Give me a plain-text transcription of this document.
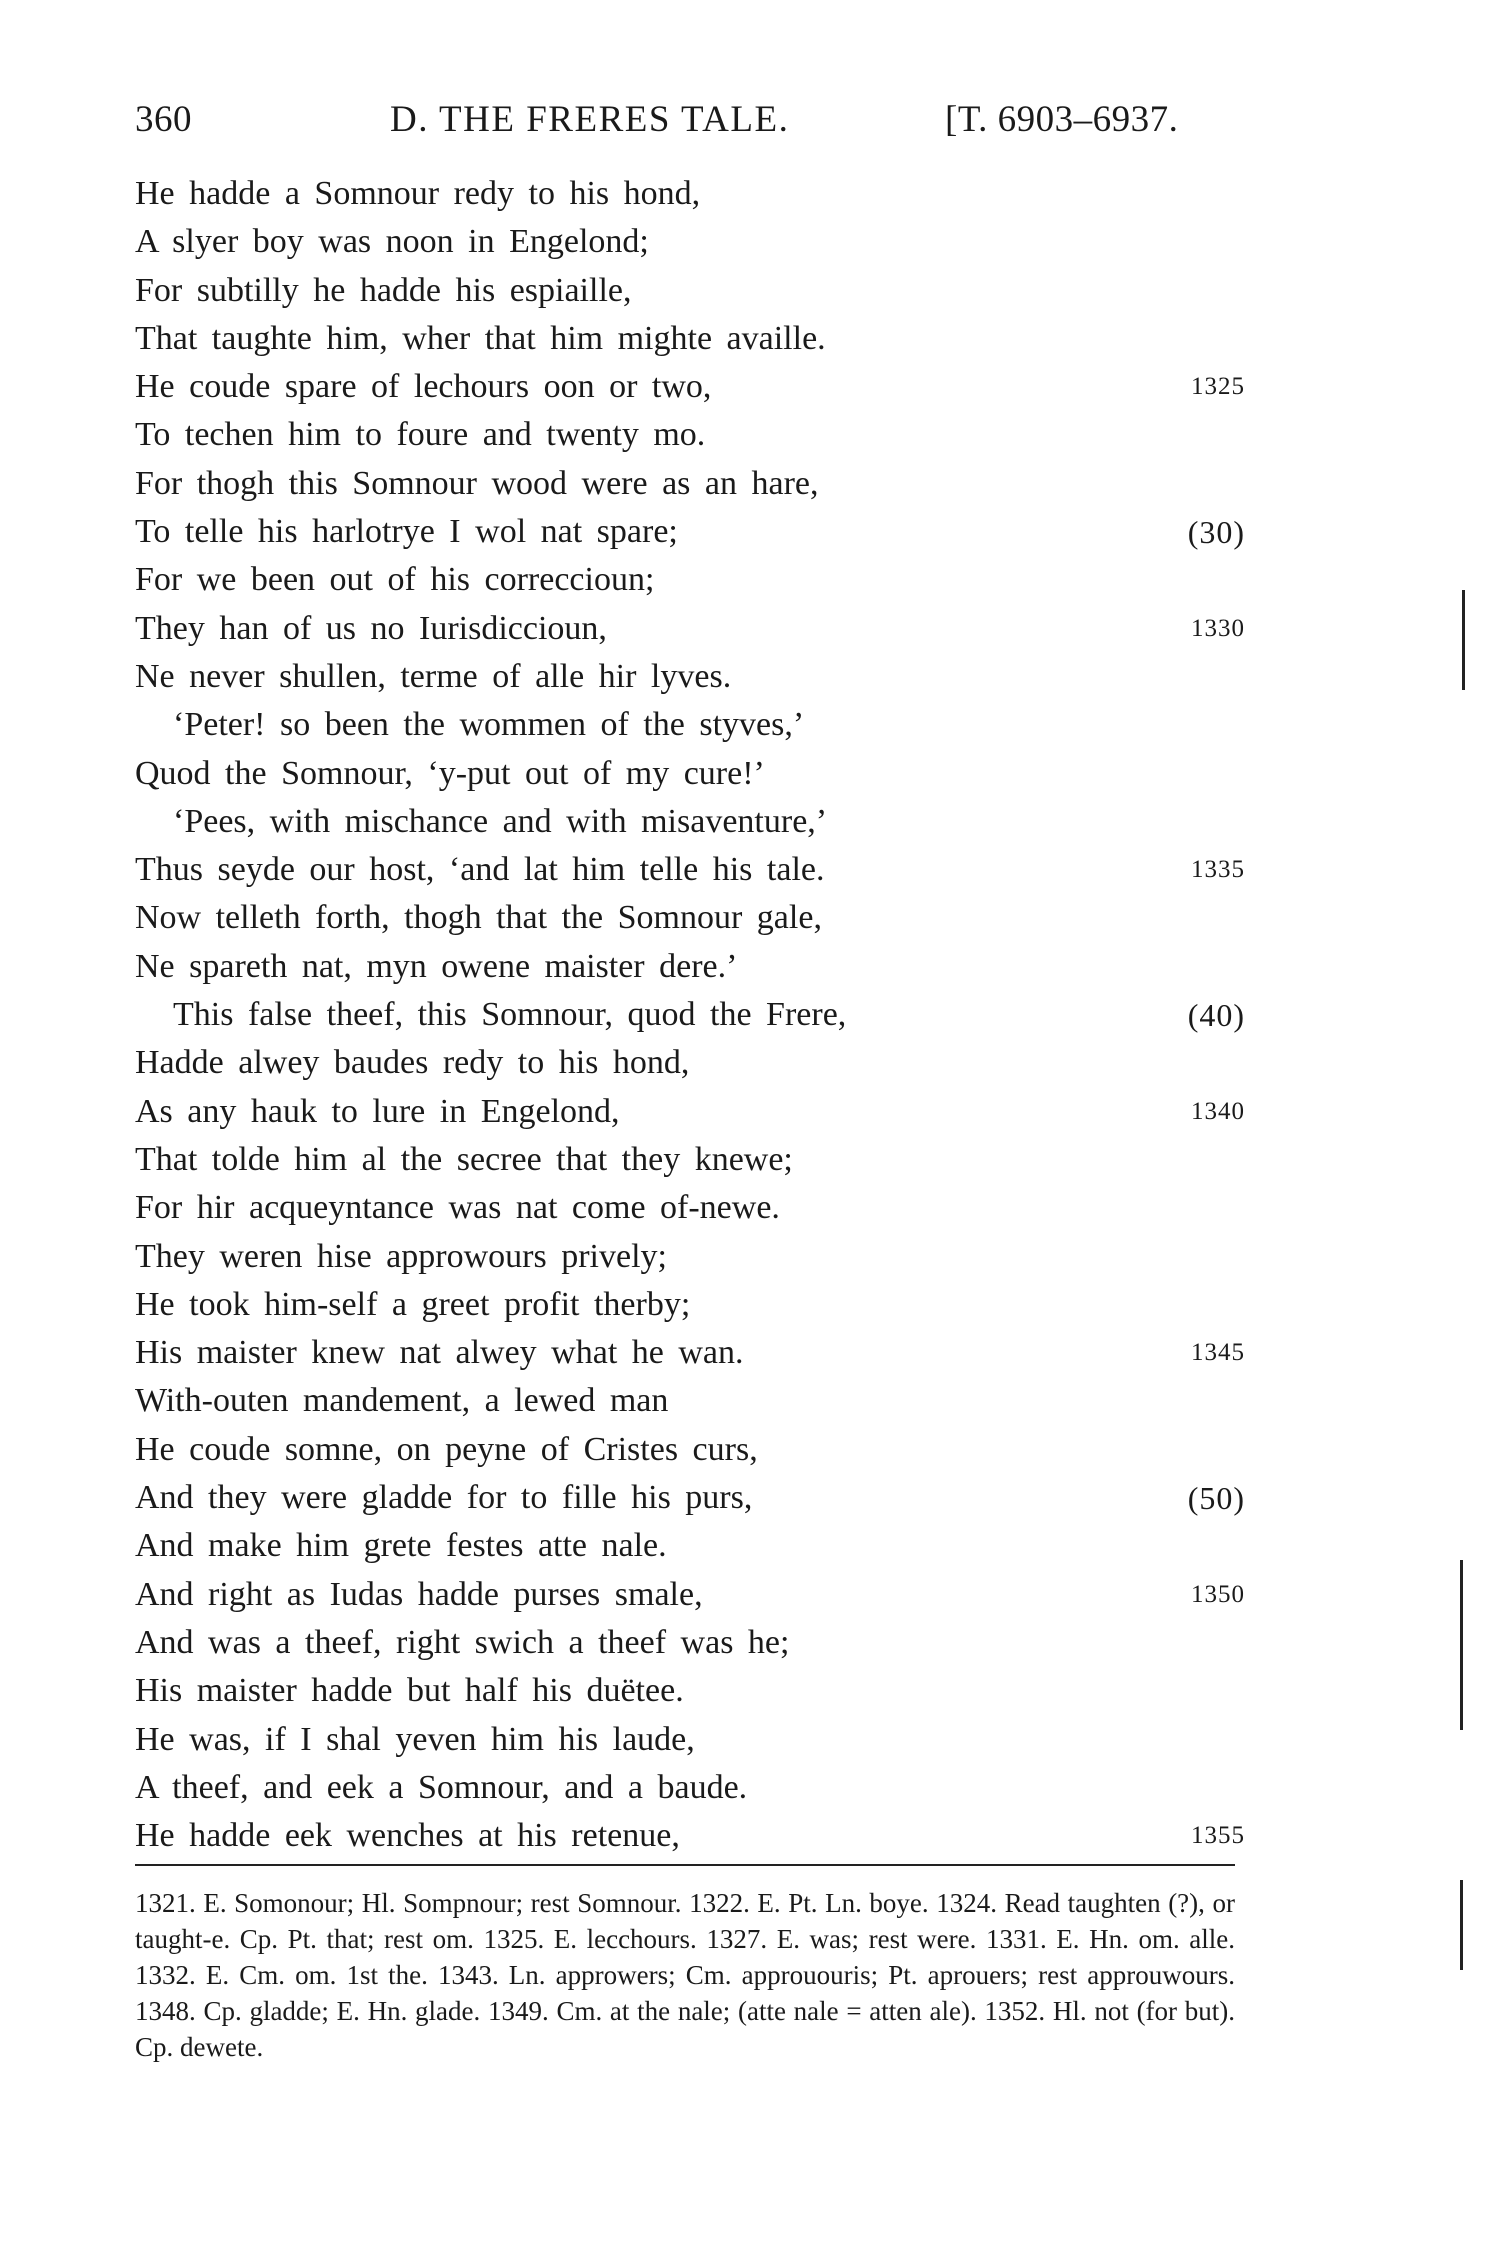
360	D. THE FRERES TALE.	[T. 6903–6937.
He hadde a Somnour redy to his hond,
A slyer boy was noon in Engelond;
For subtilly he hadde his espiaille,
That taughte him, wher that him mighte availle.
He coude spare of lechours oon or two,	1325
To techen him to foure and twenty mo.
For thogh this Somnour wood were as an hare,
To telle his harlotrye I wol nat spare;	(30)
For we been out of his correccioun;
They han of us no Iurisdiccioun,	1330
Ne never shullen, terme of alle hir lyves.
‘Peter! so been the wommen of the styves,’
Quod the Somnour, ‘y-put out of my cure!’
‘Pees, with mischance and with misaventure,’
Thus seyde our host, ‘and lat him telle his tale.	1335
Now telleth forth, thogh that the Somnour gale,
Ne spareth nat, myn owene maister dere.’
This false theef, this Somnour, quod the Frere,	(40)
Hadde alwey baudes redy to his hond,
As any hauk to lure in Engelond,	1340
That tolde him al the secree that they knewe;
For hir acqueyntance was nat come of-newe.
They weren hise approwours prively;
He took him-self a greet profit therby;
His maister knew nat alwey what he wan.	1345
With-outen mandement, a lewed man
He coude somne, on peyne of Cristes curs,
And they were gladde for to fille his purs,	(50)
And make him grete festes atte nale.
And right as Iudas hadde purses smale,	1350
And was a theef, right swich a theef was he;
His maister hadde but half his duëtee.
He was, if I shal yeven him his laude,
A theef, and eek a Somnour, and a baude.
He hadde eek wenches at his retenue,	1355

1321. E. Somonour; Hl. Sompnour; rest Somnour. 1322. E. Pt. Ln. boye. 1324. Read taughten (?), or taught-e. Cp. Pt. that; rest om. 1325. E. lecchours. 1327. E. was; rest were. 1331. E. Hn. om. alle. 1332. E. Cm. om. 1st the. 1343. Ln. approwers; Cm. apprououris; Pt. aprouers; rest approuwours. 1348. Cp. gladde; E. Hn. glade. 1349. Cm. at the nale; (atte nale = atten ale). 1352. Hl. not (for but). Cp. dewete.
